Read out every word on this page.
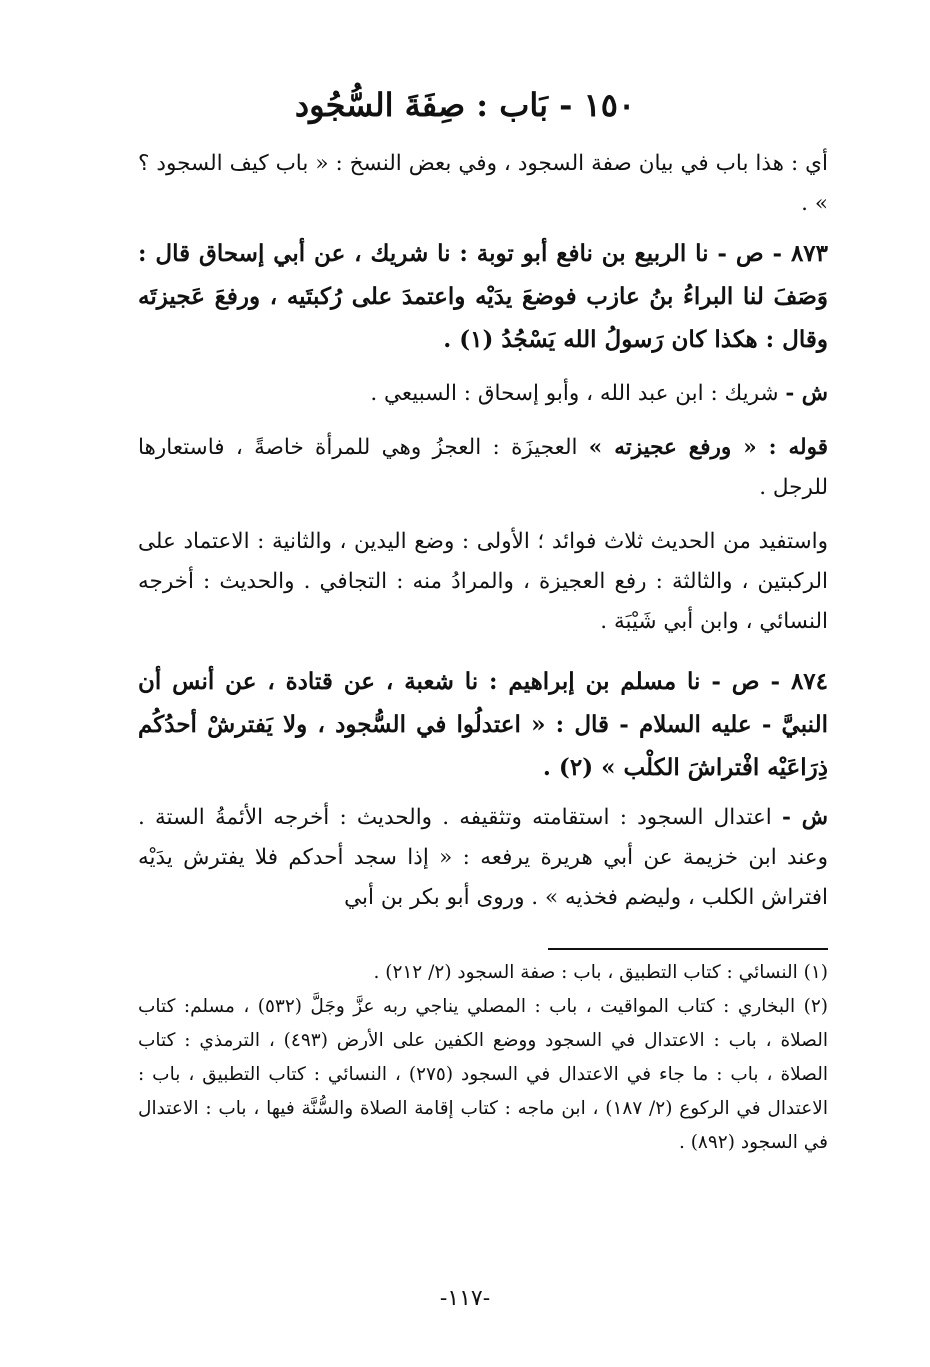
١٥٠ - بَاب : صِفَةَ السُّجُود

أي : هذا باب في بيان صفة السجود ، وفي بعض النسخ : « باب كيف السجود ؟ » .

٨٧٣ - ص - نا الربيع بن نافع أبو توبة : نا شريك ، عن أبي إسحاق قال : وَصَفَ لنا البراءُ بنُ عازب فوضعَ يدَيْه واعتمدَ على رُكبتَيه ، ورفعَ عَجيزتَه وقال : هكذا كان رَسولُ الله يَسْجُدُ (١) .

ش - شريك : ابن عبد الله ، وأبو إسحاق : السبيعي .

قوله : « ورفع عجيزته » العجيزَة : العجزُ وهي للمرأة خاصةً ، فاستعارها للرجل .

واستفيد من الحديث ثلاث فوائد ؛ الأولى : وضع اليدين ، والثانية : الاعتماد على الركبتين ، والثالثة : رفع العجيزة ، والمرادُ منه : التجافي . والحديث : أخرجه النسائي ، وابن أبي شَيْبَة .

٨٧٤ - ص - نا مسلم بن إبراهيم : نا شعبة ، عن قتادة ، عن أنس أن النبيَّ - عليه السلام - قال : « اعتدلُوا في السُّجود ، ولا يَفترشْ أحدُكُم ذِرَاعَيْه افْتراشَ الكلْب » (٢) .

ش - اعتدال السجود : استقامته وتثقيفه . والحديث : أخرجه الأئمةُ الستة . وعند ابن خزيمة عن أبي هريرة يرفعه : « إذا سجد أحدكم فلا يفترش يدَيْه افتراش الكلب ، وليضم فخذيه » . وروى أبو بكر بن أبي

(١) النسائي : كتاب التطبيق ، باب : صفة السجود (٢/ ٢١٢) .
(٢) البخاري : كتاب المواقيت ، باب : المصلي يناجي ربه عزَّ وجَلَّ (٥٣٢) ، مسلم: كتاب الصلاة ، باب : الاعتدال في السجود ووضع الكفين على الأرض (٤٩٣) ، الترمذي : كتاب الصلاة ، باب : ما جاء في الاعتدال في السجود (٢٧٥) ، النسائي : كتاب التطبيق ، باب : الاعتدال في الركوع (٢/ ١٨٧) ، ابن ماجه : كتاب إقامة الصلاة والسُّنَّة فيها ، باب : الاعتدال في السجود (٨٩٢) .
-١١٧-
